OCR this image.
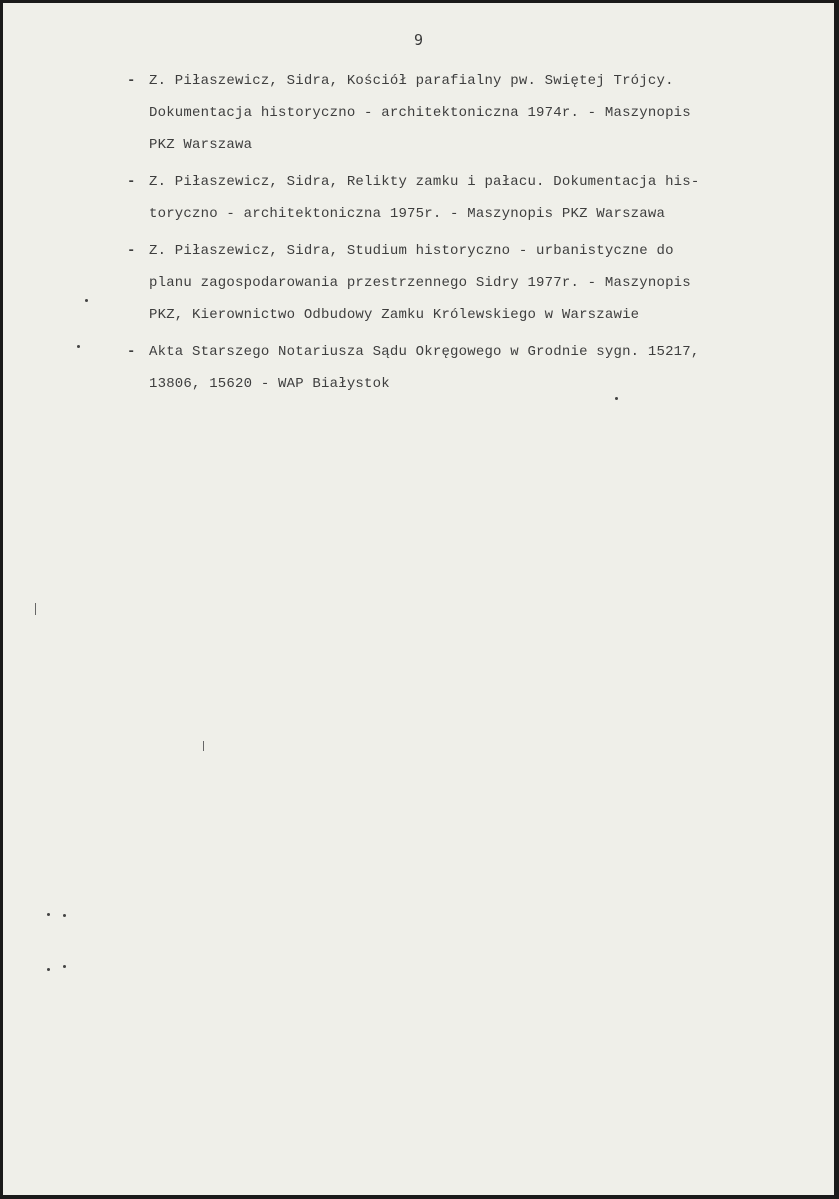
9
- Z. Piłaszewicz, Sidra, Kościół parafialny pw. Swiętej Trójcy.
Dokumentacja historyczno - architektoniczna 1974r. - Maszynopis
PKZ Warszawa
- Z. Piłaszewicz, Sidra, Relikty zamku i pałacu. Dokumentacja his-
toryczno - architektoniczna 1975r. - Maszynopis PKZ Warszawa
- Z. Piłaszewicz, Sidra, Studium historyczno - urbanistyczne do
planu zagospodarowania przestrzennego Sidry 1977r. - Maszynopis
PKZ, Kierownictwo Odbudowy Zamku Królewskiego w Warszawie
- Akta Starszego Notariusza Sądu Okręgowego w Grodnie sygn. 15217,
13806, 15620 - WAP Białystok
